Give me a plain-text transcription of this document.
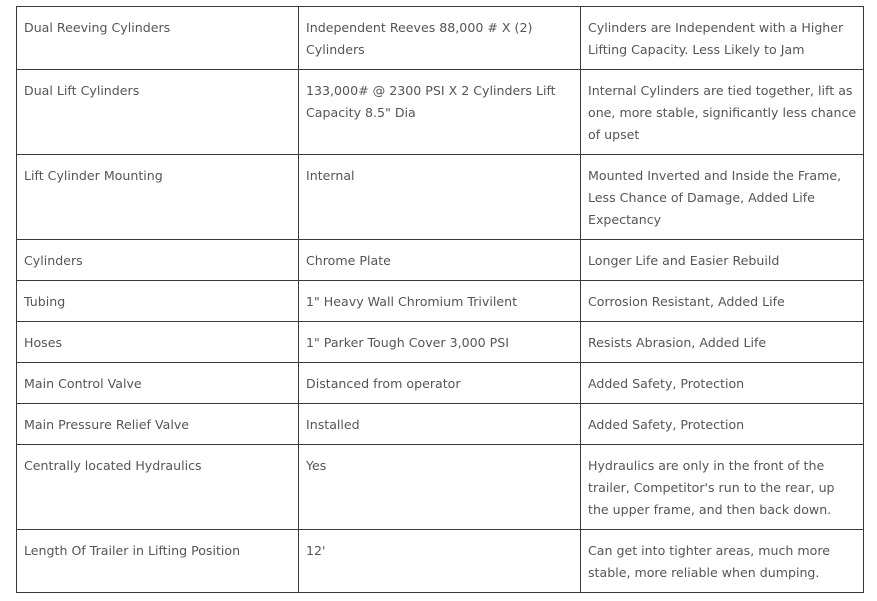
Dual Reeving Cylinders	Independent Reeves 88,000 # X (2) Cylinders	Cylinders are Independent with a Higher Lifting Capacity. Less Likely to Jam
Dual Lift Cylinders	133,000# @ 2300 PSI X 2 Cylinders Lift Capacity 8.5" Dia	Internal Cylinders are tied together, lift as one, more stable, significantly less chance of upset
Lift Cylinder Mounting	Internal	Mounted Inverted and Inside the Frame, Less Chance of Damage, Added Life Expectancy
Cylinders	Chrome Plate	Longer Life and Easier Rebuild
Tubing	1" Heavy Wall Chromium Trivilent	Corrosion Resistant, Added Life
Hoses	1" Parker Tough Cover 3,000 PSI	Resists Abrasion, Added Life
Main Control Valve	Distanced from operator	Added Safety, Protection
Main Pressure Relief Valve	Installed	Added Safety, Protection
Centrally located Hydraulics	Yes	Hydraulics are only in the front of the trailer, Competitor's run to the rear, up the upper frame, and then back down.
Length Of Trailer in Lifting Position	12'	Can get into tighter areas, much more stable, more reliable when dumping.
